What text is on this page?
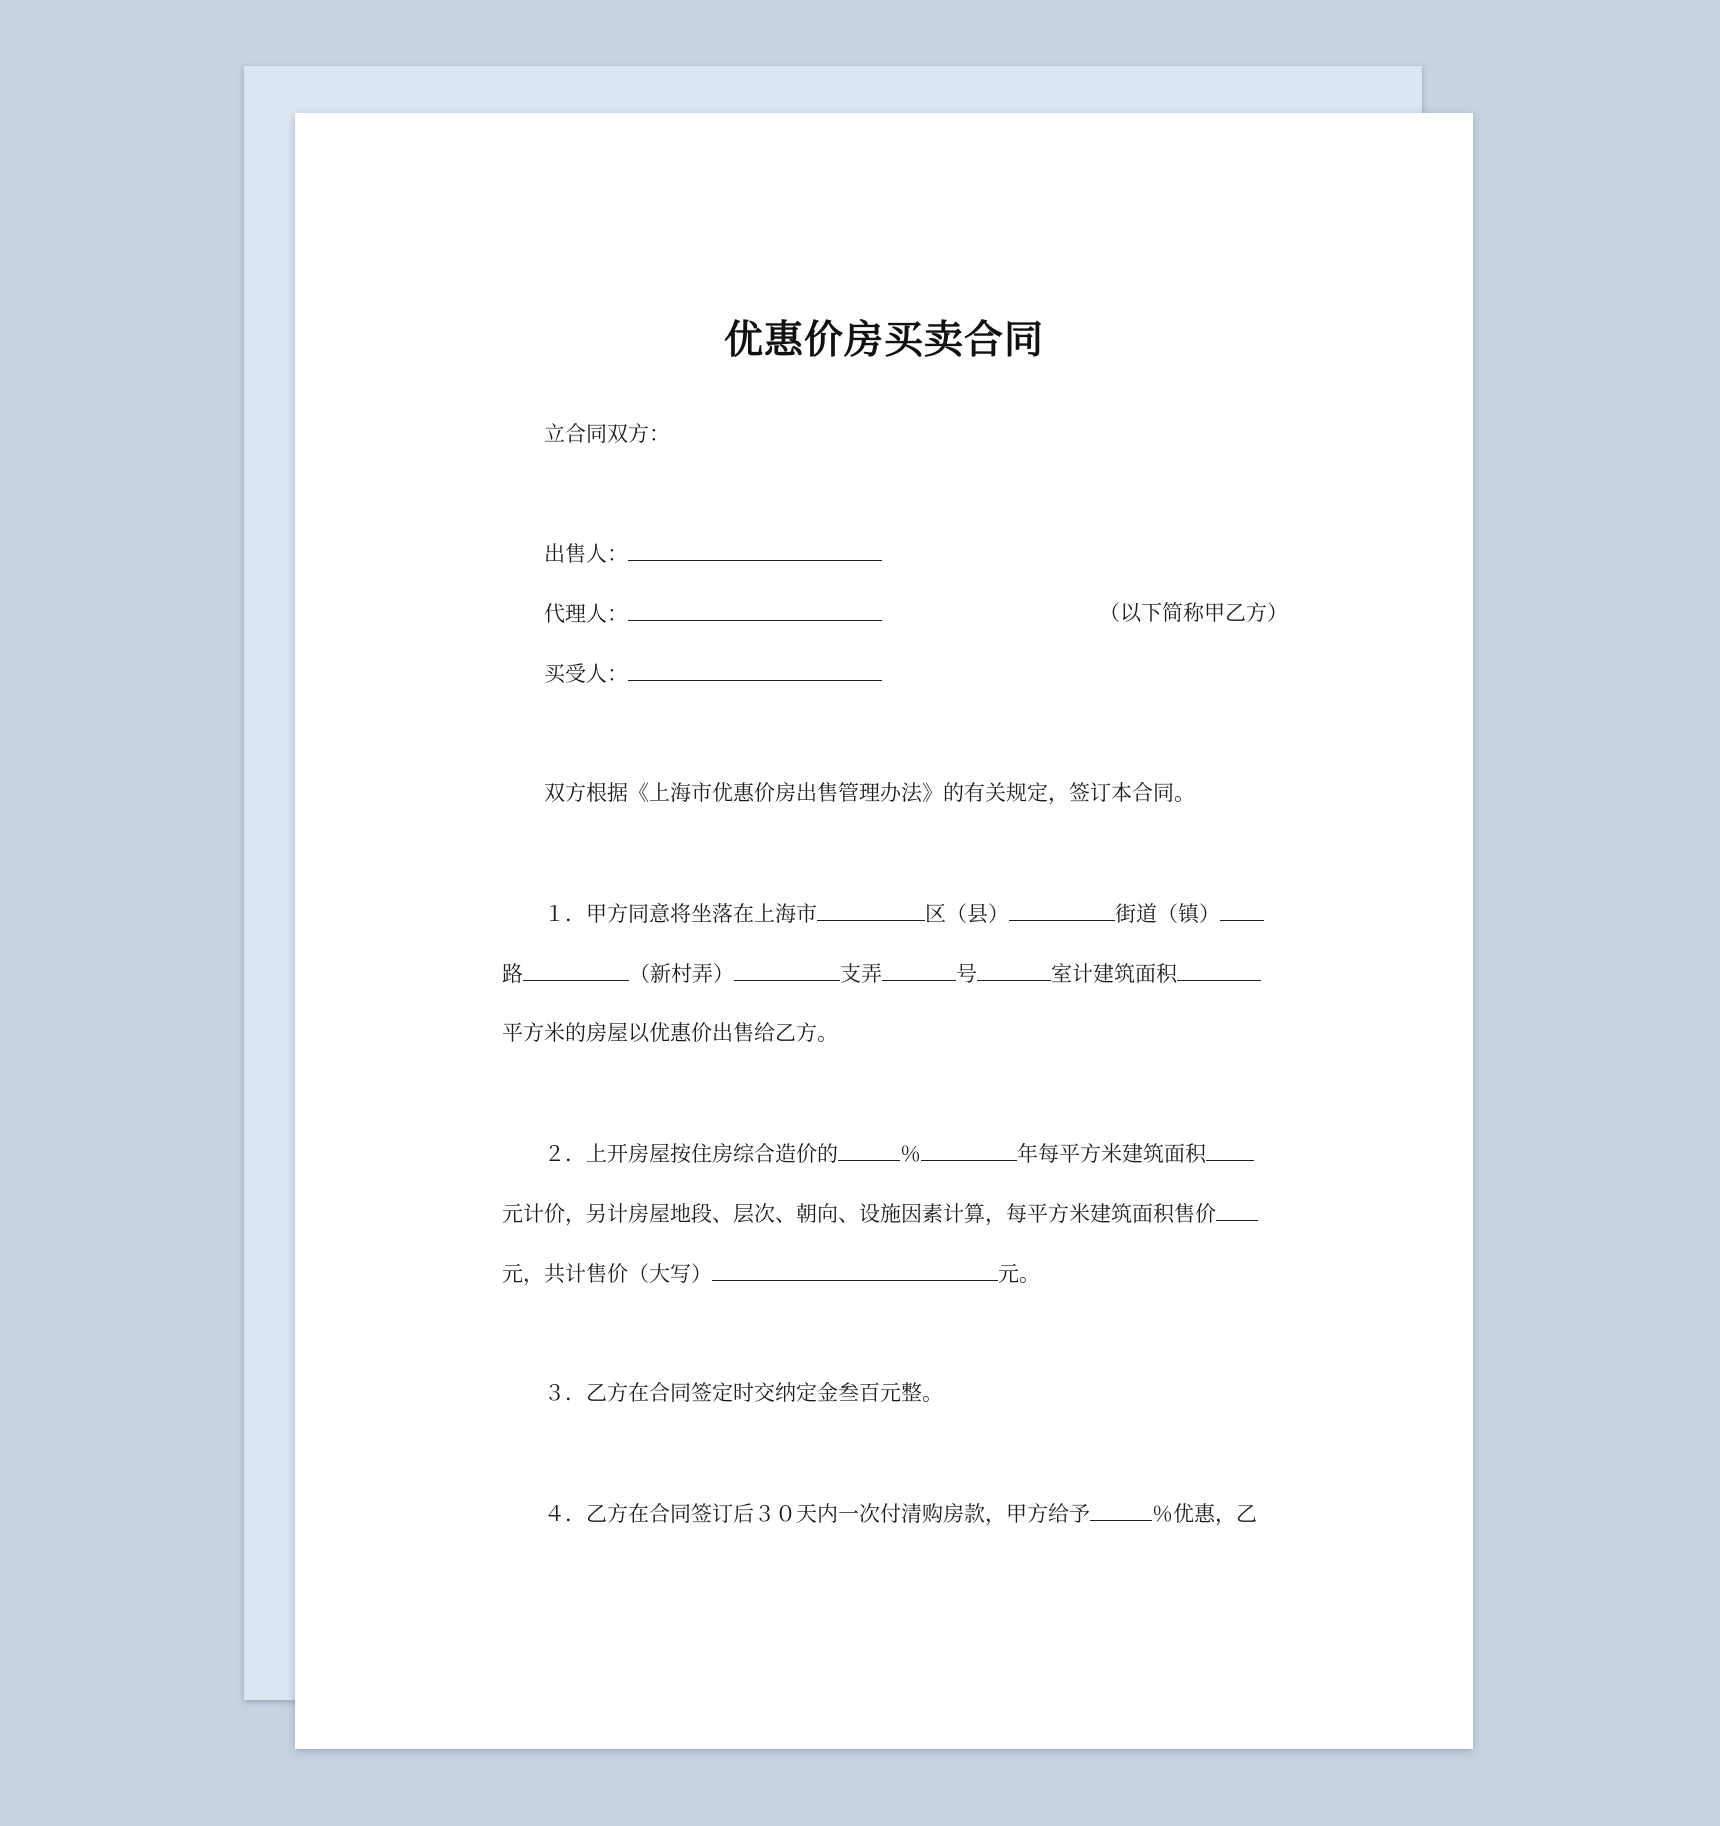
优惠价房买卖合同
立合同双方：
出售人：
代理人：	（以下简称甲乙方）
买受人：
双方根据《上海市优惠价房出售管理办法》的有关规定，签订本合同。
１．甲方同意将坐落在上海市	区（县）	街道（镇）
路	（新村弄）	支弄	号	室计建筑面积
平方米的房屋以优惠价出售给乙方。
２．上开房屋按住房综合造价的	％	年每平方米建筑面积
元计价，另计房屋地段、层次、朝向、设施因素计算，每平方米建筑面积售价
元，共计售价（大写）	元。
３．乙方在合同签定时交纳定金叁百元整。
４．乙方在合同签订后３０天内一次付清购房款，甲方给予	％优惠，乙
